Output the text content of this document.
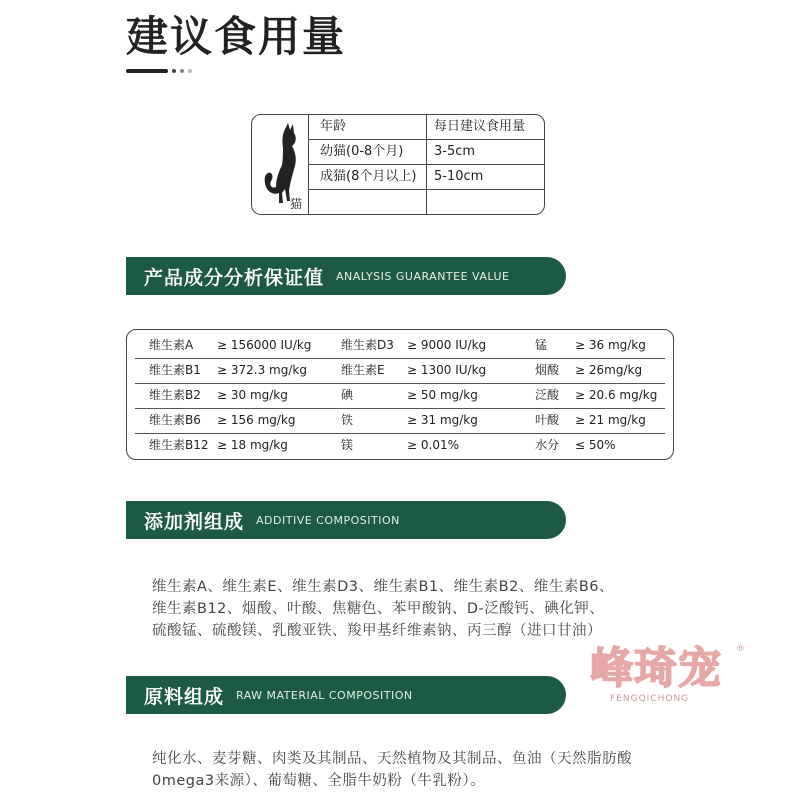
建议食用量
猫
年龄	每日建议食用量
幼猫(0-8个月)	3-5cm
成猫(8个月以上)	5-10cm
产品成分分析保证值 ANALYSIS GUARANTEE VALUE
维生素A ≥ 156000 IU/kg 维生素D3 ≥ 9000 IU/kg	锰 ≥ 36 mg/kg
维生素B1 ≥ 372.3 mg/kg	维生素E ≥ 1300 IU/kg	烟酸 ≥ 26mg/kg
维生素B2 ≥ 30 mg/kg	碘	≥ 50 mg/kg	泛酸 ≥ 20.6 mg/kg
维生素B6 ≥ 156 mg/kg	铁	≥ 31 mg/kg	叶酸 ≥ 21 mg/kg
维生素B12 ≥ 18 mg/kg	镁	≥ 0.01%	水分 ≤ 50%
添加剂组成 ADDITIVE COMPOSITION
维生素A、维生素E、维生素D3、维生素B1、维生素B2、维生素B6、
维生素B12、烟酸、叶酸、焦糖色、苯甲酸钠、D-泛酸钙、碘化钾、
硫酸锰、硫酸镁、乳酸亚铁、羧甲基纤维素钠、丙三醇（进口甘油）
峰琦宠 ®
FENGQICHONG
原料组成 RAW MATERIAL COMPOSITION
纯化水、麦芽糖、肉类及其制品、天然植物及其制品、鱼油（天然脂肪酸
0mega3来源）、葡萄糖、全脂牛奶粉（牛乳粉）。
